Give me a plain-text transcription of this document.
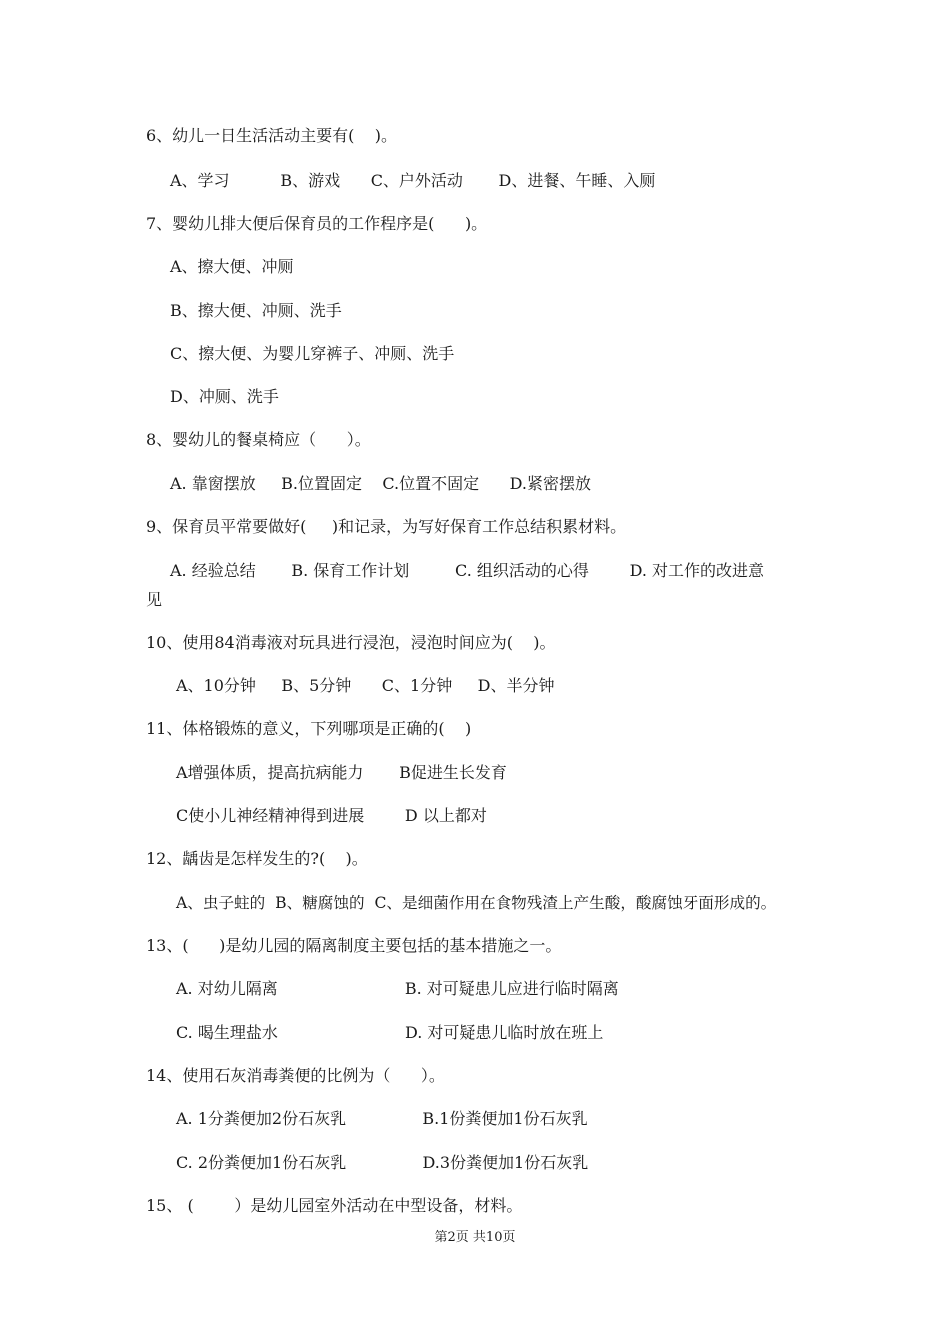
6、幼儿一日生活活动主要有(    )。
A、学习          B、游戏      C、户外活动       D、进餐、午睡、入厕
7、婴幼儿排大便后保育员的工作程序是(      )。
A、擦大便、冲厕
B、擦大便、冲厕、洗手
C、擦大便、为婴儿穿裤子、冲厕、洗手
D、冲厕、洗手
8、婴幼儿的餐桌椅应（      ）。
A. 靠窗摆放     B.位置固定    C.位置不固定      D.紧密摆放
9、保育员平常要做好(     )和记录，为写好保育工作总结积累材料。
A. 经验总结       B. 保育工作计划         C. 组织活动的心得        D. 对工作的改进意
见
10、使用84消毒液对玩具进行浸泡，浸泡时间应为(    )。
A、10分钟     B、5分钟      C、1分钟     D、半分钟
11、体格锻炼的意义，下列哪项是正确的(    )
A增强体质，提高抗病能力       B促进生长发育
C使小儿神经精神得到进展        D 以上都对
12、龋齿是怎样发生的?(    )。
A、虫子蛀的  B、糖腐蚀的  C、是细菌作用在食物残渣上产生酸，酸腐蚀牙面形成的。
13、(      )是幼儿园的隔离制度主要包括的基本措施之一。
A. 对幼儿隔离                         B. 对可疑患儿应进行临时隔离
C. 喝生理盐水                         D. 对可疑患儿临时放在班上
14、使用石灰消毒粪便的比例为（      ）。
A. 1分粪便加2份石灰乳               B.1份粪便加1份石灰乳
C. 2份粪便加1份石灰乳               D.3份粪便加1份石灰乳
15、 (        ）是幼儿园室外活动在中型设备，材料。
第2页 共10页
